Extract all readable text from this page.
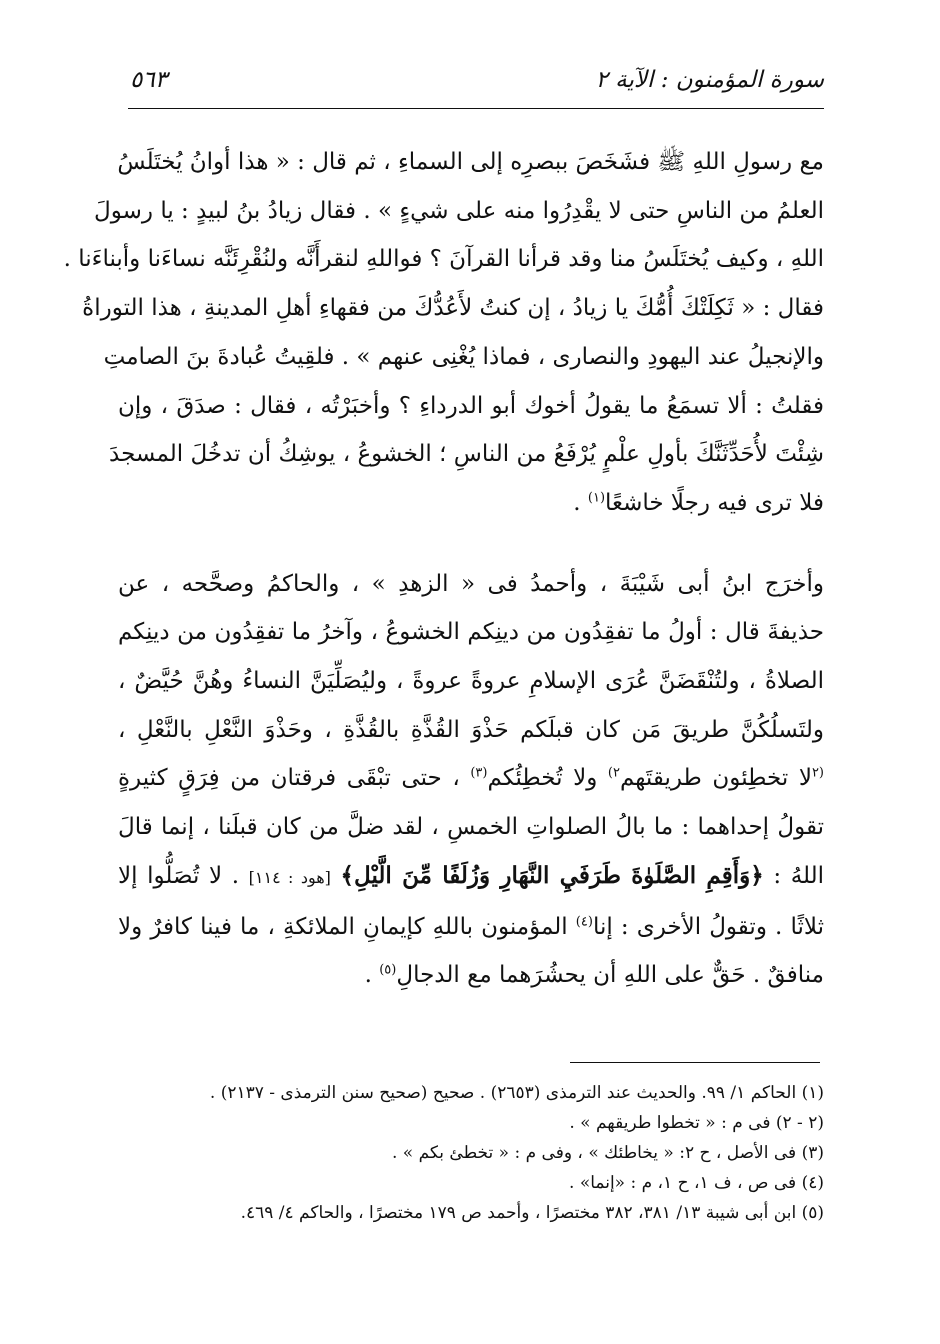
سورة المؤمنون : الآية ٢
٥٦٣
مع رسولِ اللهِ ﷺ فشَخَصَ ببصرِه إلى السماءِ ، ثم قال : « هذا أوانُ يُختَلَسُ
العلمُ من الناسِ حتى لا يقْدِرُوا منه على شيءٍ » . فقال زيادُ بنُ لبيدٍ : يا رسولَ
اللهِ ، وكيف يُختَلَسُ منا وقد قرأنا القرآنَ ؟ فواللهِ لنقرأَنَّه ولنُقْرِئَنَّه نساءَنا وأبناءَنا .
فقال : « ثَكِلَتْكَ أُمُّكَ يا زيادُ ، إن كنتُ لأَعُدُّكَ من فقهاءِ أهلِ المدينةِ ، هذا التوراةُ
والإنجيلُ عند اليهودِ والنصارى ، فماذا يُغْنِى عنهم » . فلقِيتُ عُبادةَ بنَ الصامتِ
فقلتُ : ألا تسمَعُ ما يقولُ أخوك أبو الدرداءِ ؟ وأخبَرْتُه ، فقال : صدَقَ ، وإن
شِئْتَ لأُحَدِّثَنَّكَ بأولِ علْمٍ يُرْفَعُ من الناسِ ؛ الخشوعُ ، يوشِكُ أن تدخُلَ المسجدَ
فلا ترى فيه رجلًا خاشعًا$^{(١)}$ .
وأخرَج ابنُ أبى شَيْبَةَ ، وأحمدُ فى « الزهدِ » ، والحاكمُ وصحَّحه ، عن
حذيفةَ قال : أولُ ما تفقِدُون من دينِكم الخشوعُ ، وآخرُ ما تفقِدُون من دينِكم
الصلاةُ ، ولتُنْقَضَنَّ عُرَى الإسلامِ عروةً عروةً ، وليُصَلِّيَنَّ النساءُ وهُنَّ حُيَّضٌ ،
ولتَسلُكُنَّ طريقَ مَن كان قبلَكم حَذْوَ القُذَّةِ بالقُذَّةِ ، وحَذْوَ النَّعْلِ بالنَّعْلِ ،
$^{(٢}$لا تخطِئون طريقتَهم$^{٢)}$ ولا تُخطِئُكم$^{(٣)}$ ، حتى تبْقَى فرقتان من فِرَقٍ كثيرةٍ
تقولُ إحداهما : ما بالُ الصلواتِ الخمسِ ، لقد ضلَّ من كان قبلَنا ، إنما قالَ
اللهُ : ﴿وَأَقِمِ الصَّلَوٰةَ طَرَفَيِ النَّهَارِ وَزُلَفًا مِّنَ الَّيْلِ﴾ [هود : ١١٤] . لا تُصَلُّوا إلا
ثلاثًا . وتقولُ الأخرى : إنا$^{(٤)}$ المؤمنون باللهِ كإيمانِ الملائكةِ ، ما فينا كافرٌ ولا
منافقٌ . حَقٌّ على اللهِ أن يحشُرَهما مع الدجالِ$^{(٥)}$ .
(١) الحاكم ١/ ٩٩. والحديث عند الترمذى (٢٦٥٣) . صحيح (صحيح سنن الترمذى - ٢١٣٧) .
(٢ - ٢) فى م : « تخطوا طريقهم » .
(٣) فى الأصل ، ح ٢: « يخاطئك » ، وفى م : « تخطئ بكم » .
(٤) فى ص ، ف ١، ح ١، م : «إنما» .
(٥) ابن أبى شيبة ١٣/ ٣٨١، ٣٨٢ مختصرًا ، وأحمد ص ١٧٩ مختصرًا ، والحاكم ٤/ ٤٦٩.
